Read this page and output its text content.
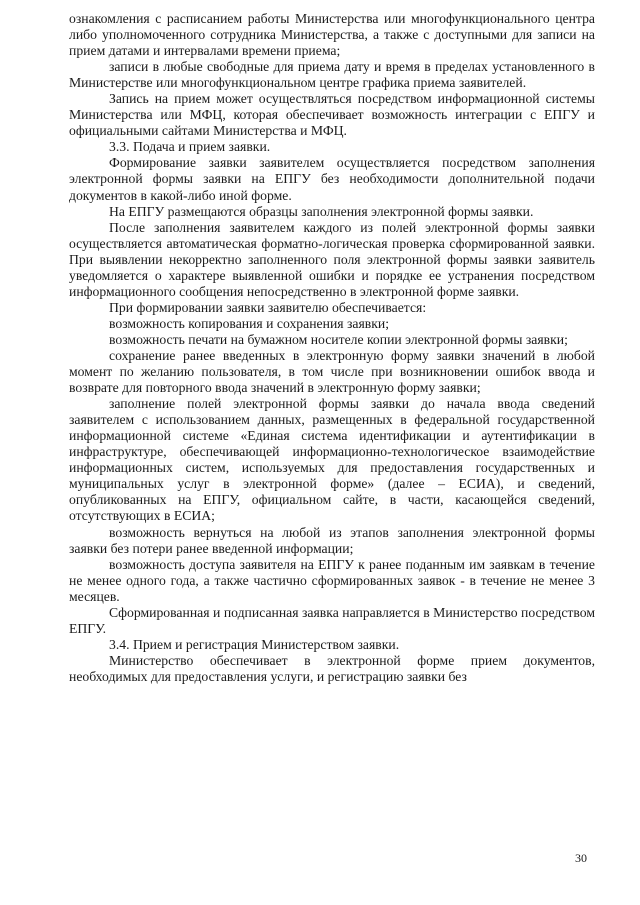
ознакомления с расписанием работы Министерства или многофункционального центра либо уполномоченного сотрудника Министерства, а также с доступными для записи на прием датами и интервалами времени приема;

записи в любые свободные для приема дату и время в пределах установленного в Министерстве или многофункциональном центре графика приема заявителей.

Запись на прием может осуществляться посредством информационной системы Министерства или МФЦ, которая обеспечивает возможность интеграции с ЕПГУ и официальными сайтами Министерства и МФЦ.

3.3. Подача и прием заявки.

Формирование заявки заявителем осуществляется посредством заполнения электронной формы заявки на ЕПГУ без необходимости дополнительной подачи документов в какой-либо иной форме.

На ЕПГУ размещаются образцы заполнения электронной формы заявки.

После заполнения заявителем каждого из полей электронной формы заявки осуществляется автоматическая форматно-логическая проверка сформированной заявки. При выявлении некорректно заполненного поля электронной формы заявки заявитель уведомляется о характере выявленной ошибки и порядке ее устранения посредством информационного сообщения непосредственно в электронной форме заявки.

При формировании заявки заявителю обеспечивается:

возможность копирования и сохранения заявки;

возможность печати на бумажном носителе копии электронной формы заявки;

сохранение ранее введенных в электронную форму заявки значений в любой момент по желанию пользователя, в том числе при возникновении ошибок ввода и возврате для повторного ввода значений в электронную форму заявки;

заполнение полей электронной формы заявки до начала ввода сведений заявителем с использованием данных, размещенных в федеральной государственной информационной системе «Единая система идентификации и аутентификации в инфраструктуре, обеспечивающей информационно-технологическое взаимодействие информационных систем, используемых для предоставления государственных и муниципальных услуг в электронной форме» (далее – ЕСИА), и сведений, опубликованных на ЕПГУ, официальном сайте, в части, касающейся сведений, отсутствующих в ЕСИА;

возможность вернуться на любой из этапов заполнения электронной формы заявки без потери ранее введенной информации;

возможность доступа заявителя на ЕПГУ к ранее поданным им заявкам в течение не менее одного года, а также частично сформированных заявок - в течение не менее 3 месяцев.

Сформированная и подписанная заявка направляется в Министерство посредством ЕПГУ.

3.4. Прием и регистрация Министерством заявки.

Министерство обеспечивает в электронной форме прием документов, необходимых для предоставления услуги, и регистрацию заявки без

30
